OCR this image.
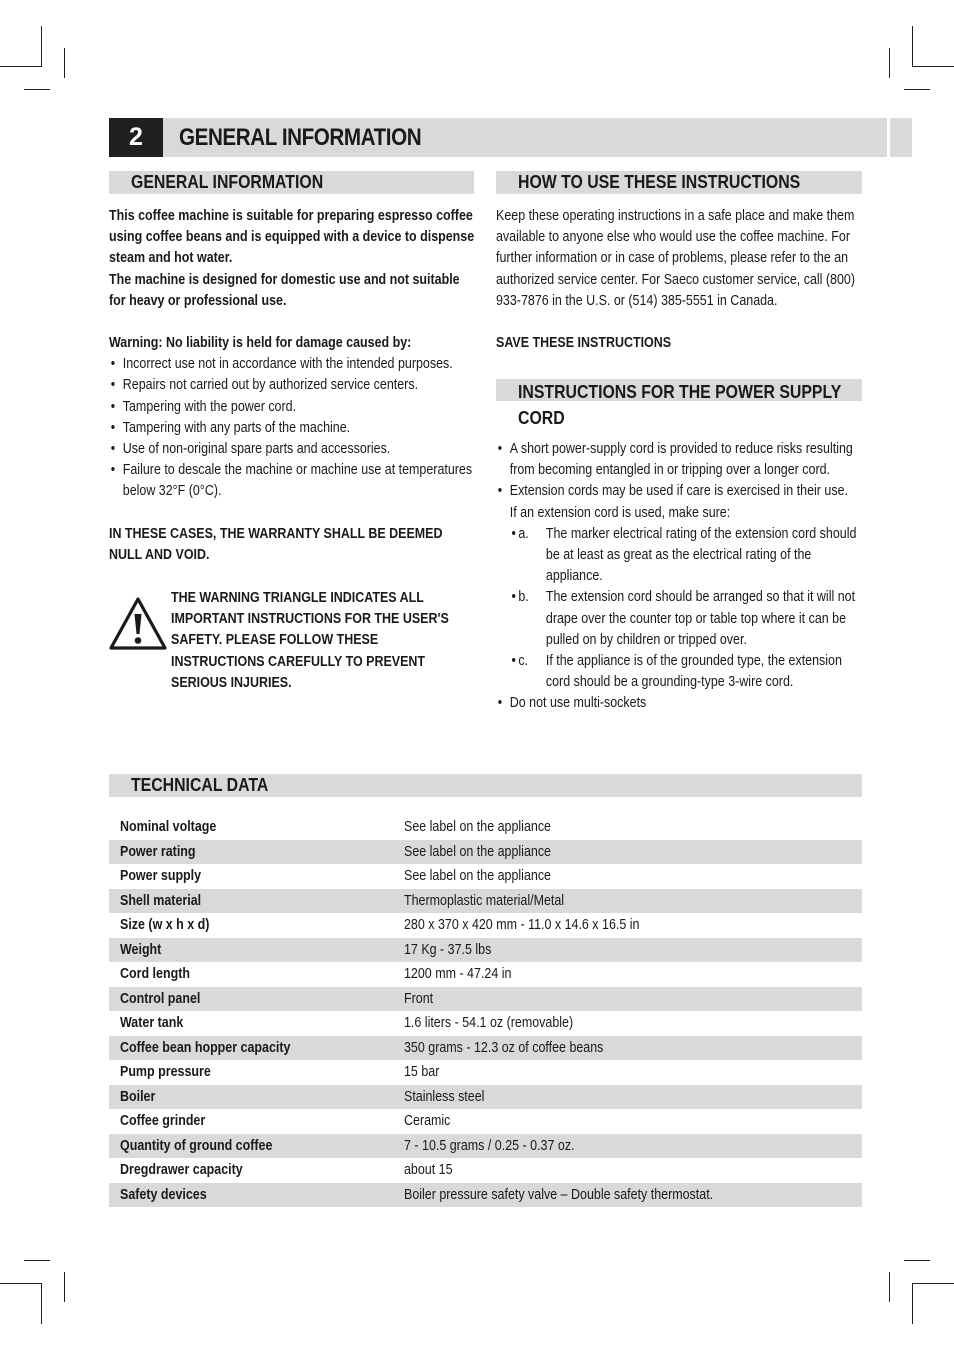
2	GENERAL INFORMATION
GENERAL INFORMATION

This coffee machine is suitable for preparing espresso coffee using coffee beans and is equipped with a device to dispense steam and hot water.

The machine is designed for domestic use and not suitable for heavy or professional use.

Warning: No liability is held for damage caused by:

• Incorrect use not in accordance with the intended purposes.
• Repairs not carried out by authorized service centers.
• Tampering with the power cord.
• Tampering with any parts of the machine.
• Use of non-original spare parts and accessories.
• Failure to descale the machine or machine use at temperatures below 32°F (0°C).

IN THESE CASES, THE WARRANTY SHALL BE DEEMED NULL AND VOID.

THE WARNING TRIANGLE INDICATES ALL IMPORTANT INSTRUCTIONS FOR THE USER'S SAFETY. PLEASE FOLLOW THESE INSTRUCTIONS CAREFULLY TO PREVENT SERIOUS INJURIES.

HOW TO USE THESE INSTRUCTIONS

Keep these operating instructions in a safe place and make them available to anyone else who would use the coffee machine. For further information or in case of problems, please refer to the an authorized service center. For Saeco customer service, call (800) 933-7876 in the U.S. or (514) 385-5551 in Canada.

SAVE THESE INSTRUCTIONS

INSTRUCTIONS FOR THE POWER SUPPLY CORD
• A short power-supply cord is provided to reduce risks resulting from becoming entangled in or tripping over a longer cord.
• Extension cords may be used if care is exercised in their use.
If an extension cord is used, make sure:
• a. The marker electrical rating of the extension cord should be at least as great as the electrical rating of the appliance.
• b. The extension cord should be arranged so that it will not drape over the counter top or table top where it can be pulled on by children or tripped over.
• c. If the appliance is of the grounded type, the extension cord should be a grounding-type 3-wire cord.
• Do not use multi-sockets
TECHNICAL DATA
Nominal voltage	See label on the appliance
Power rating	See label on the appliance
Power supply	See label on the appliance
Shell material	Thermoplastic material/Metal
Size (w x h x d)	280 x 370 x 420 mm - 11.0 x 14.6 x 16.5 in
Weight	17 Kg - 37.5 lbs
Cord length	1200 mm - 47.24 in
Control panel	Front
Water tank	1.6 liters - 54.1 oz (removable)
Coffee bean hopper capacity	350 grams - 12.3 oz of coffee beans
Pump pressure	15 bar
Boiler	Stainless steel
Coffee grinder	Ceramic
Quantity of ground coffee	7 - 10.5 grams / 0.25 - 0.37 oz.
Dregdrawer capacity	about 15
Safety devices	Boiler pressure safety valve – Double safety thermostat.
